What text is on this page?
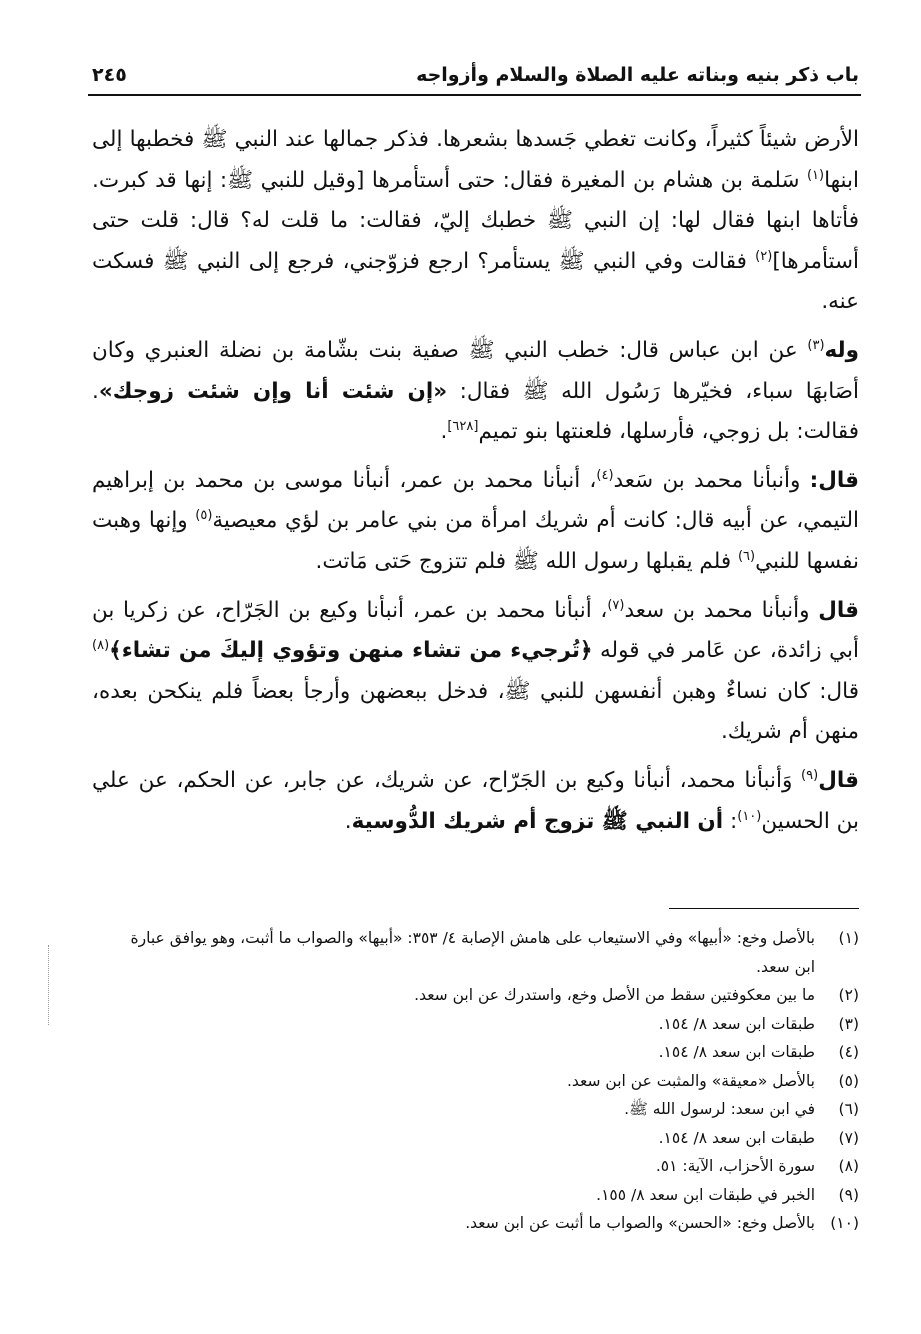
باب ذكر بنيه وبناته عليه الصلاة والسلام وأزواجه
٢٤٥

الأرض شيئاً كثيراً، وكانت تغطي جَسدها بشعرها. فذكر جمالها عند النبي ﷺ فخطبها إلى ابنها$^{(١)}$ سَلمة بن هشام بن المغيرة فقال: حتى أستأمرها [وقيل للنبي ﷺ: إنها قد كبرت. فأتاها ابنها فقال لها: إن النبي ﷺ خطبك إليّ، فقالت: ما قلت له؟ قال: قلت حتى أستأمرها]$^{(٢)}$ فقالت وفي النبي ﷺ يستأمر؟ ارجع فزوّجني، فرجع إلى النبي ﷺ فسكت عنه.

وله$^{(٣)}$ عن ابن عباس قال: خطب النبي ﷺ صفية بنت بشّامة بن نضلة العنبري وكان أصَابهَا سباء، فخيّرها رَسُول الله ﷺ فقال: «إن شئت أنا وإن شئت زوجك». فقالت: بل زوجي، فأرسلها، فلعنتها بنو تميم[٦٢٨].

قال: وأنبأنا محمد بن سَعد$^{(٤)}$، أنبأنا محمد بن عمر، أنبأنا موسى بن محمد بن إبراهيم التيمي، عن أبيه قال: كانت أم شريك امرأة من بني عامر بن لؤي معيصية$^{(٥)}$ وإنها وهبت نفسها للنبي$^{(٦)}$ فلم يقبلها رسول الله ﷺ فلم تتزوج حَتى مَاتت.

قال وأنبأنا محمد بن سعد$^{(٧)}$، أنبأنا محمد بن عمر، أنبأنا وكيع بن الجَرّاح، عن زكريا بن أبي زائدة، عن عَامر في قوله ﴿تُرجيء من تشاء منهن وتؤوي إليكَ من تشاء﴾$^{(٨)}$ قال: كان نساءٌ وهبن أنفسهن للنبي ﷺ، فدخل ببعضهن وأرجأ بعضاً فلم ينكحن بعده، منهن أم شريك.

قال$^{(٩)}$ وَأنبأنا محمد، أنبأنا وكيع بن الجَرّاح، عن شريك، عن جابر، عن الحكم، عن علي بن الحسين$^{(١٠)}$: أن النبي ﷺ تزوج أم شريك الدُّوسية.

(١)
بالأصل وخع: «أبيها» وفي الاستيعاب على هامش الإصابة ٤/ ٣٥٣: «أبيها» والصواب ما أثبت، وهو يوافق عبارة ابن سعد.
(٢)
ما بين معكوفتين سقط من الأصل وخع، واستدرك عن ابن سعد.
(٣)
طبقات ابن سعد ٨/ ١٥٤.
(٤)
طبقات ابن سعد ٨/ ١٥٤.
(٥)
بالأصل «معيقة» والمثبت عن ابن سعد.
(٦)
في ابن سعد: لرسول الله ﷺ.
(٧)
طبقات ابن سعد ٨/ ١٥٤.
(٨)
سورة الأحزاب، الآية: ٥١.
(٩)
الخبر في طبقات ابن سعد ٨/ ١٥٥.
(١٠)
بالأصل وخع: «الحسن» والصواب ما أثبت عن ابن سعد.
